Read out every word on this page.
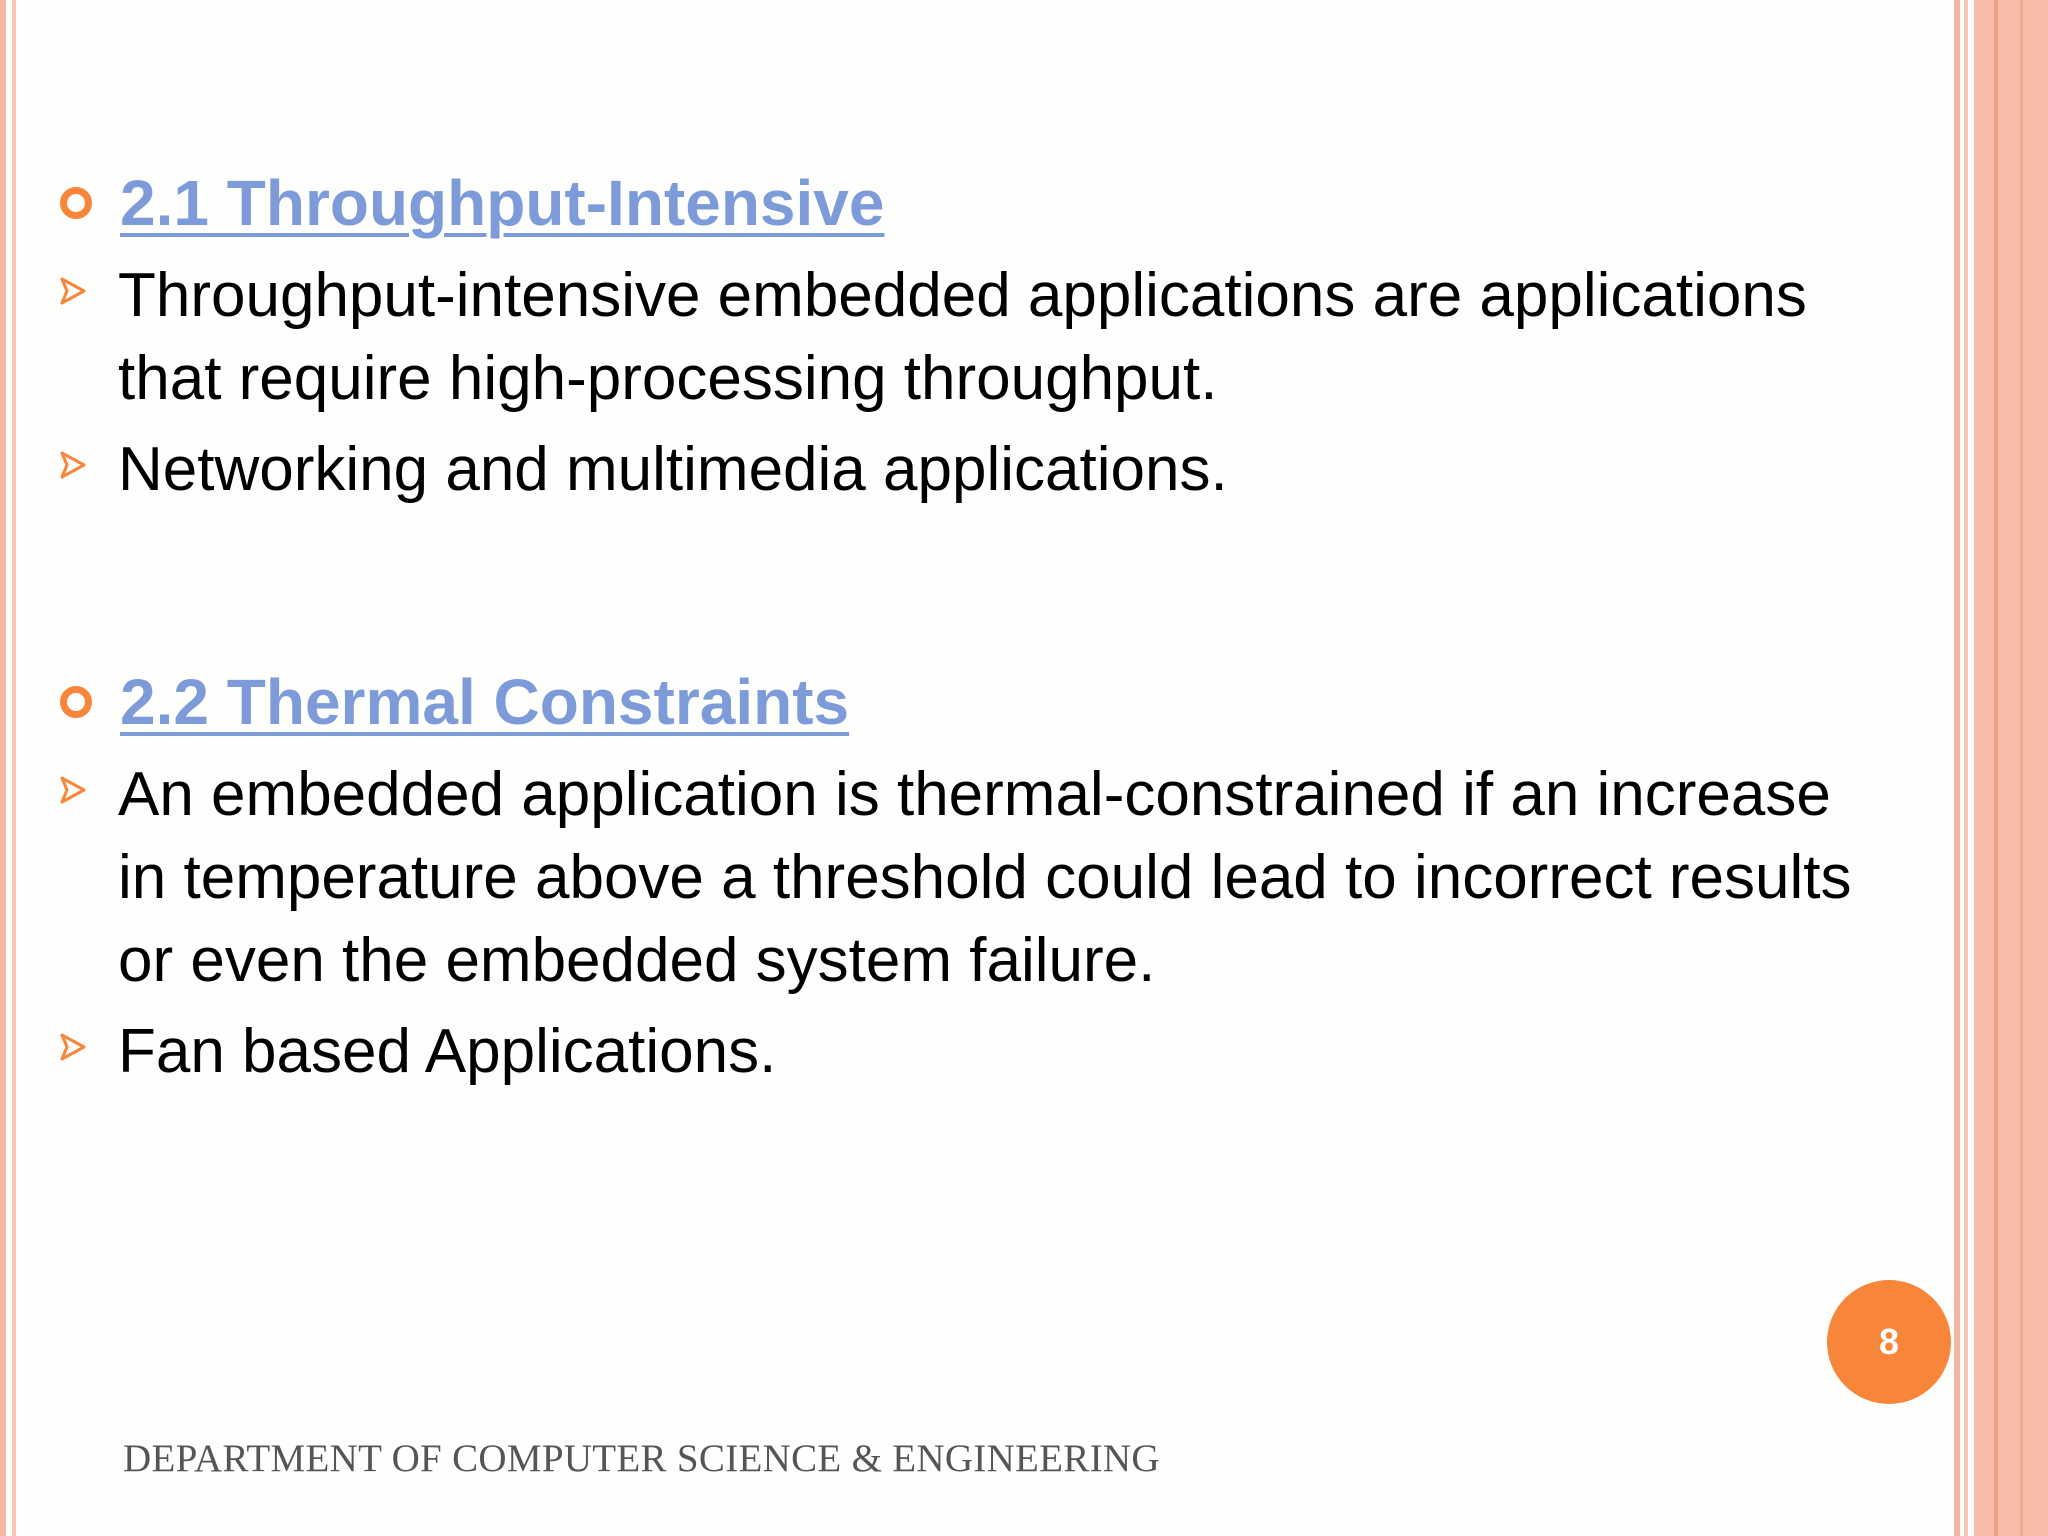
2.1 Throughput-Intensive
Throughput-intensive embedded applications are applications that require high-processing throughput.
Networking and multimedia applications.
2.2 Thermal Constraints
An embedded application is thermal-constrained if an increase in temperature above a threshold could lead to incorrect results or even the embedded system failure.
Fan based Applications.
8
DEPARTMENT OF COMPUTER SCIENCE & ENGINEERING
